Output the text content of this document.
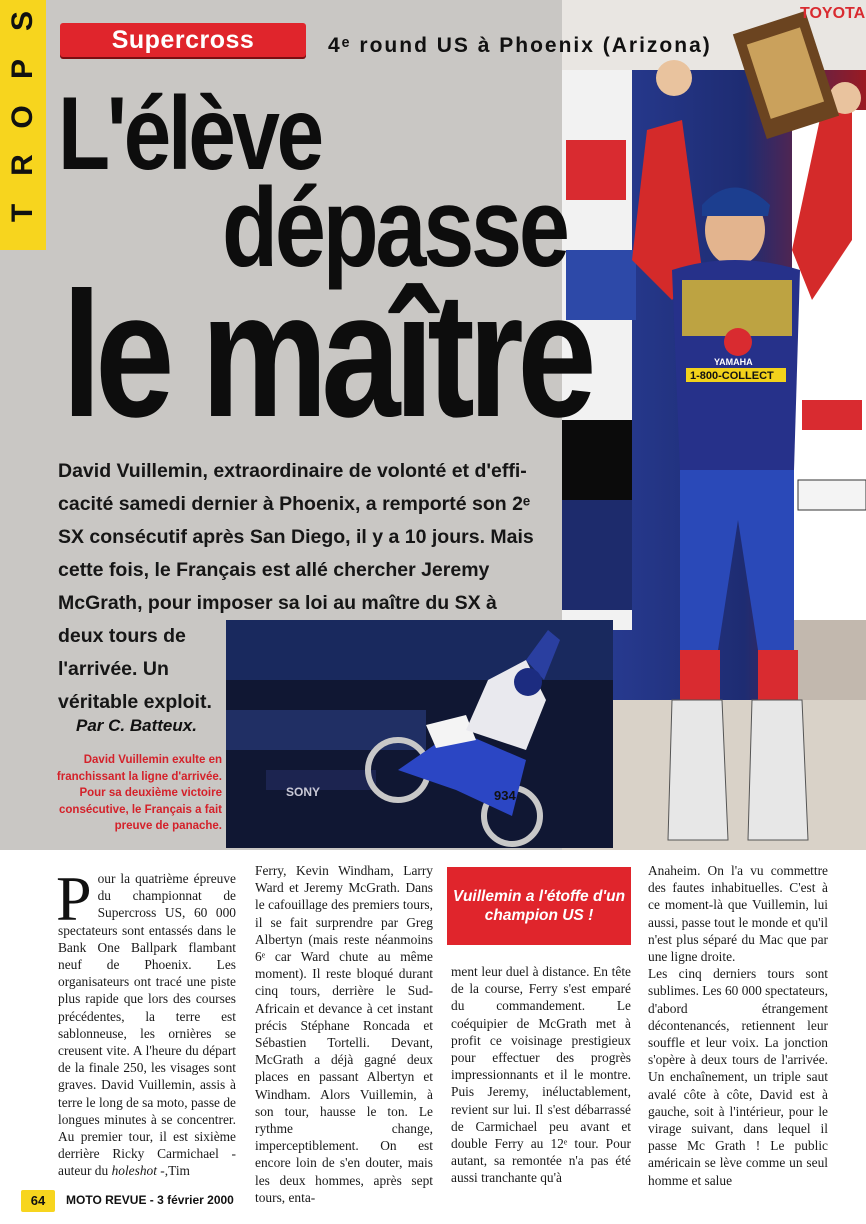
S
P
O
R
T
1-800-COLLECT
YAMAHA
TOYOTA
Supercross	4ᵉ round US à Phoenix (Arizona)
L'élève
dépasse
le maître
David Vuillemin, extraordinaire de volonté et d'effi-
cacité samedi dernier à Phoenix, a remporté son 2ᵉ
SX consécutif après San Diego, il y a 10 jours. Mais
cette fois, le Français est allé chercher Jeremy
McGrath, pour imposer sa loi au maître du SX à
deux tours de
l'arrivée. Un
véritable exploit.
Par C. Batteux.
SONY	934
David Vuillemin exulte en franchissant la ligne d'arrivée. Pour sa deuxième victoire consécutive, le Français a fait preuve de panache.

Pour la quatrième épreuve du championnat de Supercross US, 60 000 spectateurs sont entassés dans le Bank One Ballpark flambant neuf de Phoenix. Les organisateurs ont tracé une piste plus rapide que lors des courses précédentes, la terre est sablonneuse, les ornières se creusent vite. A l'heure du départ de la finale 250, les visages sont graves. David Vuillemin, assis à terre le long de sa moto, passe de longues minutes à se concentrer. Au premier tour, il est sixième derrière Ricky Carmichael - auteur du holeshot -,Tim

Ferry, Kevin Windham, Larry Ward et Jeremy McGrath. Dans le cafouillage des premiers tours, il se fait surprendre par Greg Albertyn (mais reste néanmoins 6ᵉ car Ward chute au même moment). Il reste bloqué durant cinq tours, derrière le Sud-Africain et devance à cet instant précis Stéphane Roncada et Sébastien Tortelli. Devant, McGrath a déjà gagné deux places en passant Albertyn et Windham. Alors Vuillemin, à son tour, hausse le ton. Le rythme change, imperceptiblement. On est encore loin de s'en douter, mais les deux hommes, après sept tours, enta-

Vuillemin a l'étoffe d'un champion US !

ment leur duel à distance. En tête de la course, Ferry s'est emparé du commandement. Le coéquipier de McGrath met à profit ce voisinage prestigieux pour effectuer des progrès impressionnants et il le montre. Puis Jeremy, inéluctablement, revient sur lui. Il s'est débarrassé de Carmichael peu avant et double Ferry au 12ᵉ tour. Pour autant, sa remontée n'a pas été aussi tranchante qu'à

Anaheim. On l'a vu commettre des fautes inhabituelles. C'est à ce moment-là que Vuillemin, lui aussi, passe tout le monde et qu'il n'est plus séparé du Mac que par une ligne droite.

Les cinq derniers tours sont sublimes. Les 60 000 spectateurs, d'abord étrangement décontenancés, retiennent leur souffle et leur voix. La jonction s'opère à deux tours de l'arrivée. Un enchaînement, un triple saut avalé côte à côte, David est à gauche, soit à l'intérieur, pour le virage suivant, dans lequel il passe Mc Grath ! Le public américain se lève comme un seul homme et salue

64	MOTO REVUE - 3 février 2000
